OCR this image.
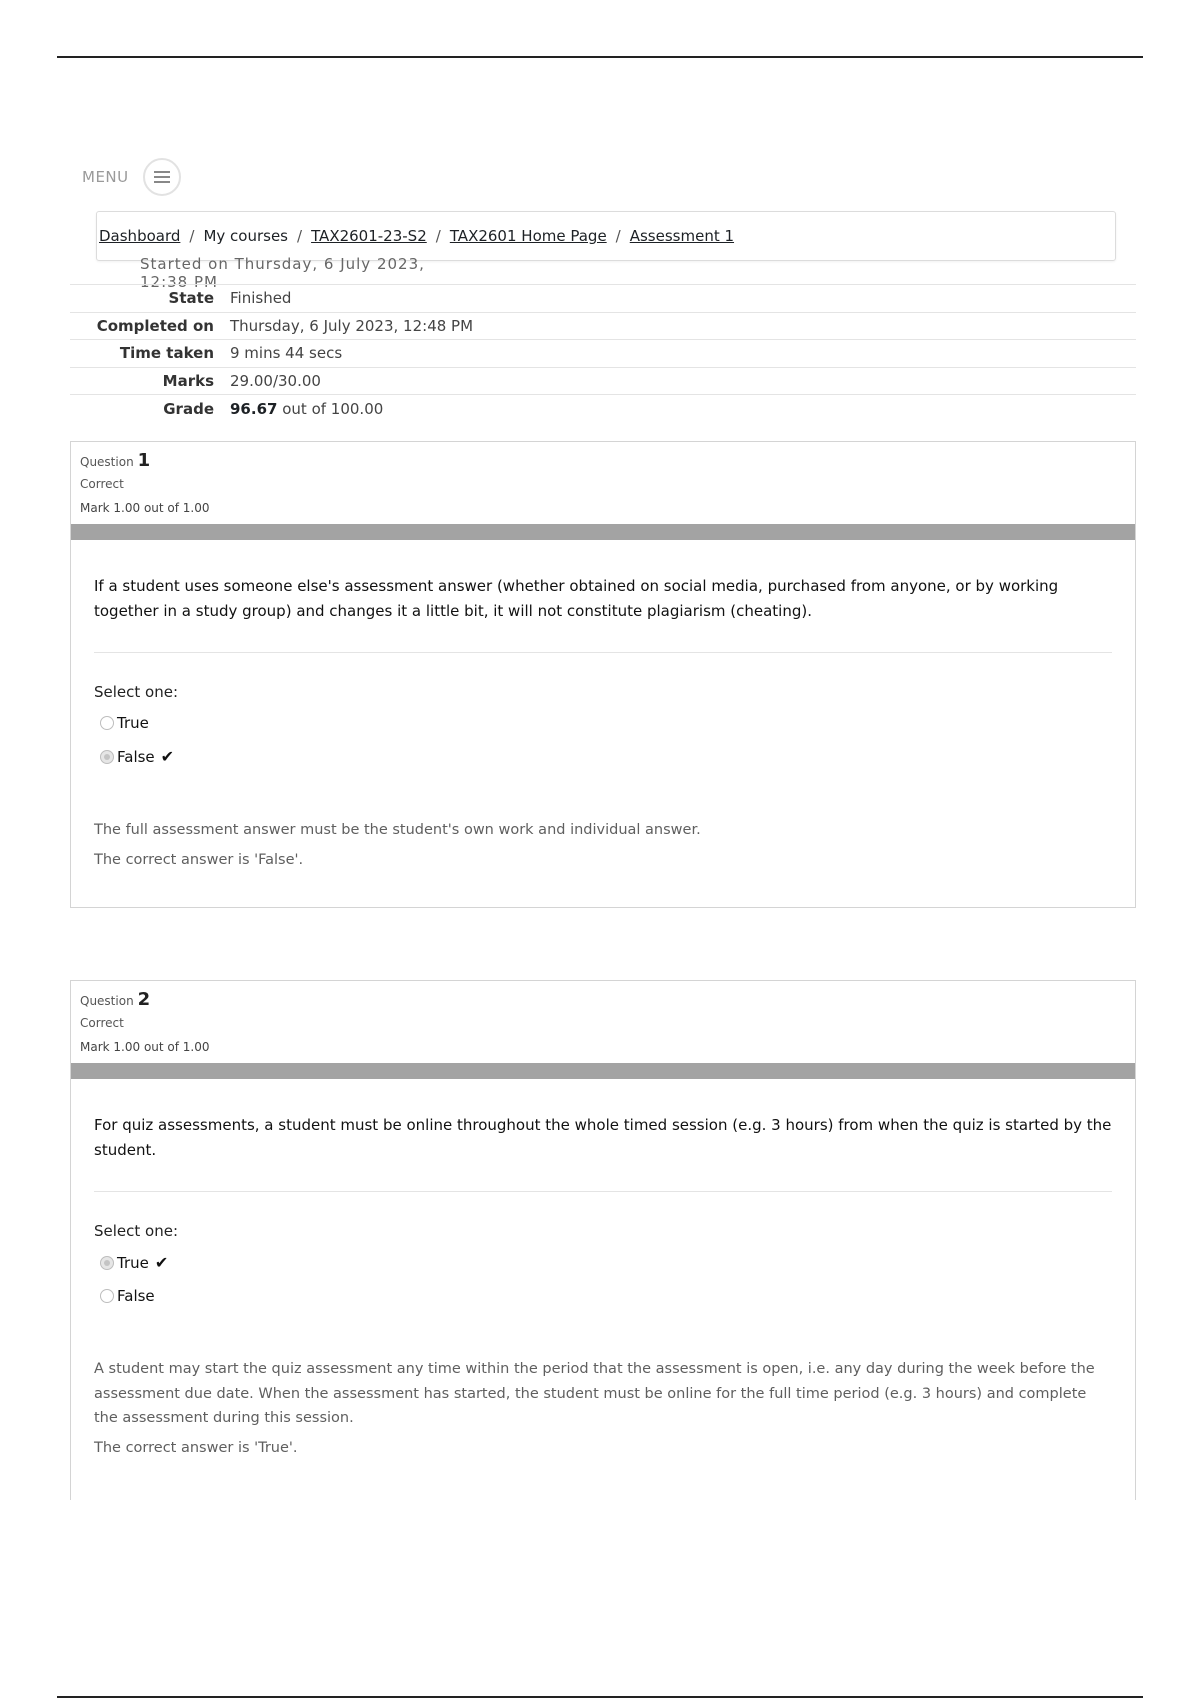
MENU
Dashboard / My courses / TAX2601-23-S2 / TAX2601 Home Page / Assessment 1
Started on Thursday, 6 July 2023, 12:38 PM
State	Finished
Completed on	Thursday, 6 July 2023, 12:48 PM
Time taken	9 mins 44 secs
Marks	29.00/30.00
Grade	96.67 out of 100.00
Question 1
Correct
Mark 1.00 out of 1.00
If a student uses someone else's assessment answer (whether obtained on social media, purchased from anyone, or by working together in a study group) and changes it a little bit, it will not constitute plagiarism (cheating).
Select one:
True
False ✔
The full assessment answer must be the student's own work and individual answer.
The correct answer is 'False'.
Question 2
Correct
Mark 1.00 out of 1.00
For quiz assessments, a student must be online throughout the whole timed session (e.g. 3 hours) from when the quiz is started by the student.
Select one:
True ✔
False
A student may start the quiz assessment any time within the period that the assessment is open, i.e. any day during the week before the assessment due date. When the assessment has started, the student must be online for the full time period (e.g. 3 hours) and complete the assessment during this session.
The correct answer is 'True'.
